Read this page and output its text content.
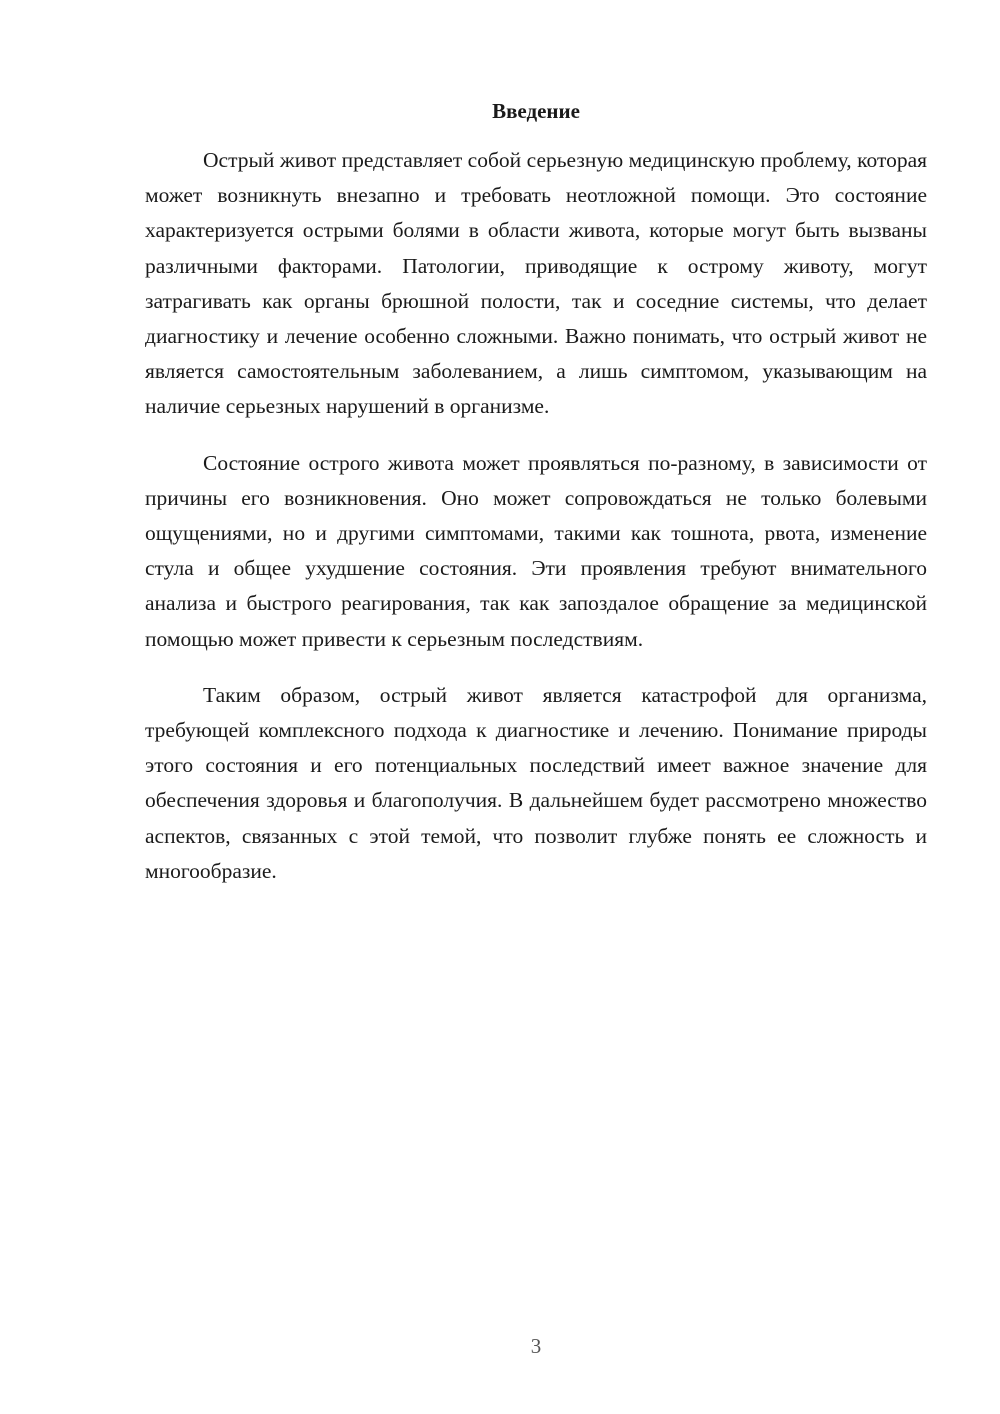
Введение

Острый живот представляет собой серьезную медицинскую проблему, которая может возникнуть внезапно и требовать неотложной помощи. Это состояние характеризуется острыми болями в области живота, которые могут быть вызваны различными факторами. Патологии, приводящие к острому животу, могут затрагивать как органы брюшной полости, так и соседние системы, что делает диагностику и лечение особенно сложными. Важно понимать, что острый живот не является самостоятельным заболеванием, а лишь симптомом, указывающим на наличие серьезных нарушений в организме.

Состояние острого живота может проявляться по-разному, в зависимости от причины его возникновения. Оно может сопровождаться не только болевыми ощущениями, но и другими симптомами, такими как тошнота, рвота, изменение стула и общее ухудшение состояния. Эти проявления требуют внимательного анализа и быстрого реагирования, так как запоздалое обращение за медицинской помощью может привести к серьезным последствиям.

Таким образом, острый живот является катастрофой для организма, требующей комплексного подхода к диагностике и лечению. Понимание природы этого состояния и его потенциальных последствий имеет важное значение для обеспечения здоровья и благополучия. В дальнейшем будет рассмотрено множество аспектов, связанных с этой темой, что позволит глубже понять ее сложность и многообразие.

3
